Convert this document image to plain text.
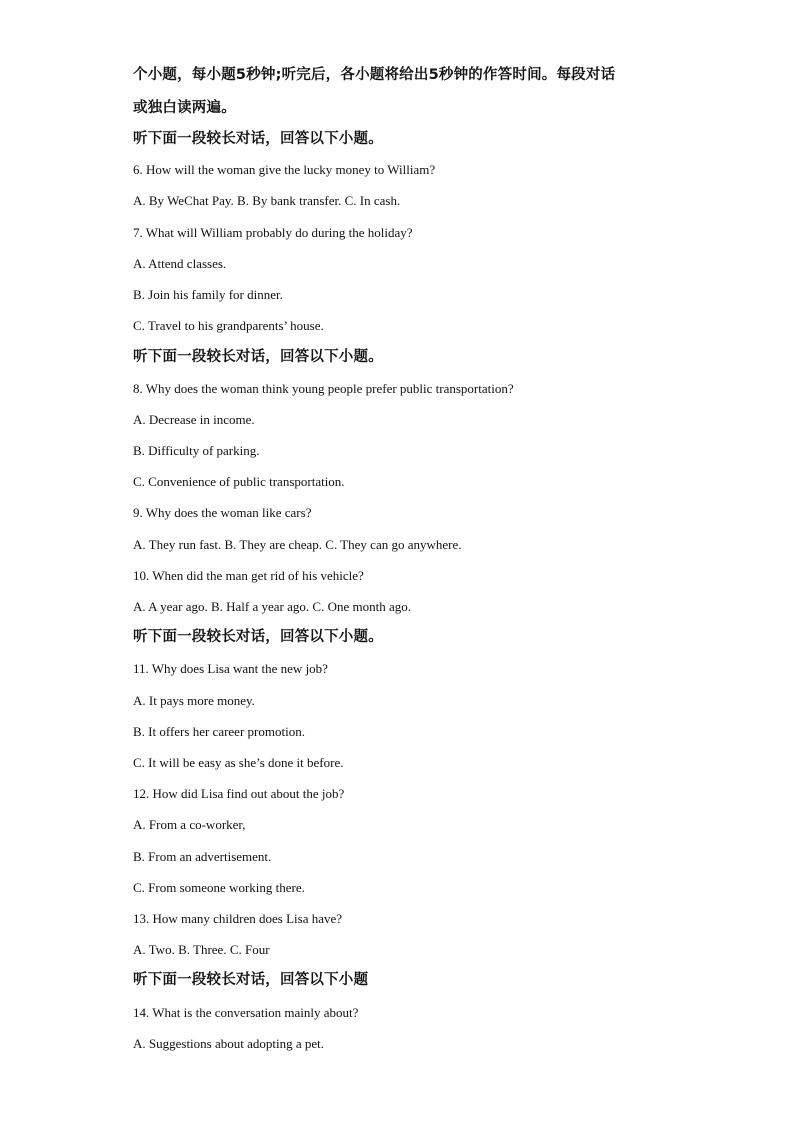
个小题，每小题5秒钟;听完后，各小题将给出5秒钟的作答时间。每段对话
或独白读两遍。
听下面一段较长对话，回答以下小题。
6. How will the woman give the lucky money to William?
A. By WeChat Pay. B. By bank transfer. C. In cash.
7. What will William probably do during the holiday?
A. Attend classes.
B. Join his family for dinner.
C. Travel to his grandparents’ house.
听下面一段较长对话，回答以下小题。
8. Why does the woman think young people prefer public transportation?
A. Decrease in income.
B. Difficulty of parking.
C. Convenience of public transportation.
9. Why does the woman like cars?
A. They run fast. B. They are cheap. C. They can go anywhere.
10. When did the man get rid of his vehicle?
A. A year ago. B. Half a year ago. C. One month ago.
听下面一段较长对话，回答以下小题。
11. Why does Lisa want the new job?
A. It pays more money.
B. It offers her career promotion.
C. It will be easy as she’s done it before.
12. How did Lisa find out about the job?
A. From a co-worker,
B. From an advertisement.
C. From someone working there.
13. How many children does Lisa have?
A. Two. B. Three. C. Four
听下面一段较长对话，回答以下小题
14. What is the conversation mainly about?
A. Suggestions about adopting a pet.
